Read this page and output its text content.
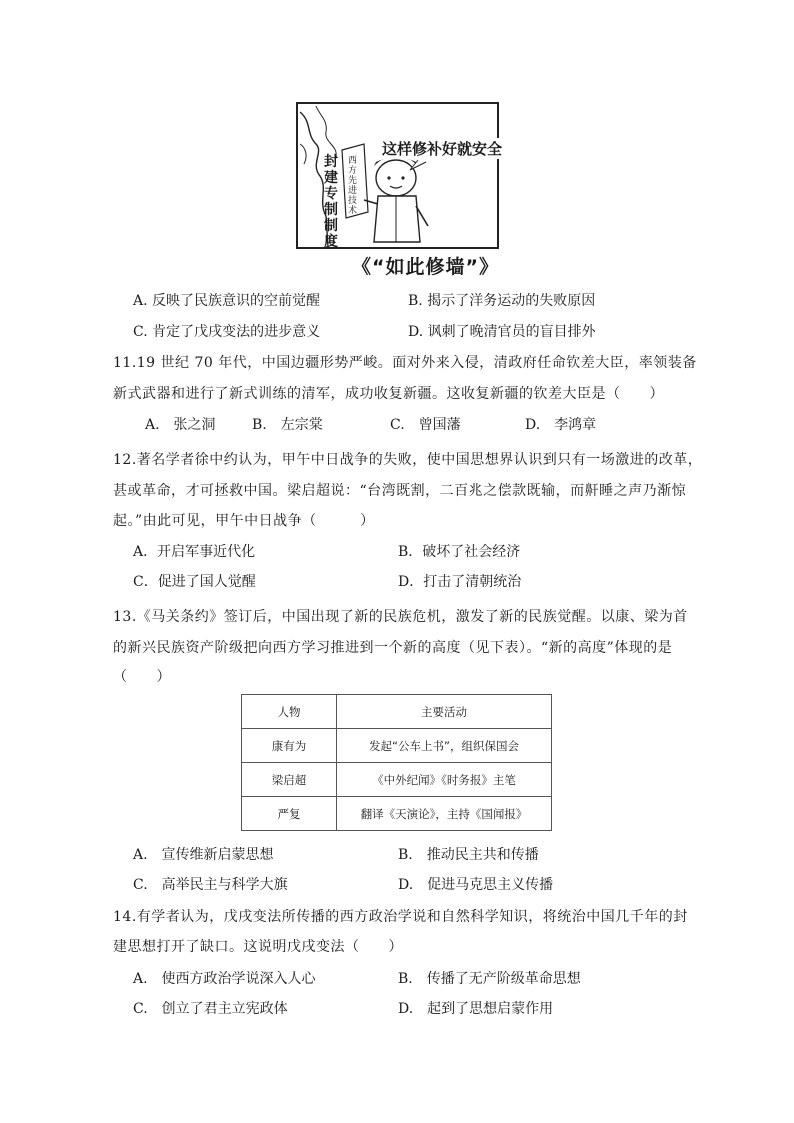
这样修补好就安全
封建专制制度
西方先进技术
《“如此修墙”》
A. 反映了民族意识的空前觉醒	B. 揭示了洋务运动的失败原因
C. 肯定了戊戌变法的进步意义	D. 讽刺了晚清官员的盲目排外
11.19 世纪 70 年代，中国边疆形势严峻。面对外来入侵，清政府任命钦差大臣，率领装备
新式武器和进行了新式训练的清军，成功收复新疆。这收复新疆的钦差大臣是（　　）
A.　张之洞	B.　左宗棠	C.　曾国藩	D.　李鸿章
12.著名学者徐中约认为，甲午中日战争的失败，使中国思想界认识到只有一场激进的改革，
甚或革命，才可拯救中国。梁启超说：“台湾既割，二百兆之偿款既输，而鼾睡之声乃渐惊
起。”由此可见，甲午中日战争（　　　）
A．开启军事近代化	B．破坏了社会经济
C．促进了国人觉醒	D．打击了清朝统治
13.《马关条约》签订后，中国出现了新的民族危机，激发了新的民族觉醒。以康、梁为首
的新兴民族资产阶级把向西方学习推进到一个新的高度（见下表）。“新的高度”体现的是
（　　）
人物	主要活动
康有为	发起“公车上书”，组织保国会
梁启超	《中外纪闻》《时务报》主笔
严复	翻译《天演论》，主持《国闻报》
A.　宣传维新启蒙思想	B.　推动民主共和传播
C.　高举民主与科学大旗	D.　促进马克思主义传播
14.有学者认为，戊戌变法所传播的西方政治学说和自然科学知识，将统治中国几千年的封
建思想打开了缺口。这说明戊戌变法（　　）
A.　使西方政治学说深入人心	B.　传播了无产阶级革命思想
C.　创立了君主立宪政体	D.　起到了思想启蒙作用
